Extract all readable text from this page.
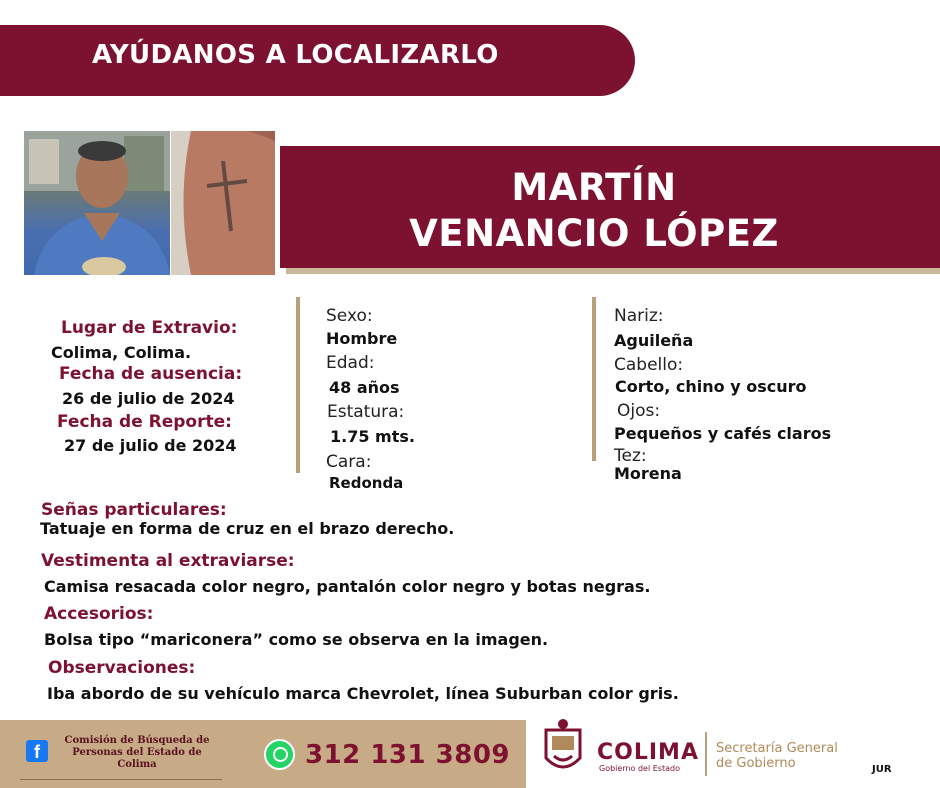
AYÚDANOS A LOCALIZARLO
MARTÍN
VENANCIO LÓPEZ
Lugar de Extravio:
Colima, Colima.
Fecha de ausencia:
26 de julio de 2024
Fecha de Reporte:
27 de julio de 2024
Sexo:
Hombre
Edad:
48 años
Estatura:
1.75 mts.
Cara:
Redonda
Nariz:
Aguileña
Cabello:
Corto, chino y oscuro
Ojos:
Pequeños y cafés claros
Tez:
Morena
Señas particulares:
Tatuaje en forma de cruz en el brazo derecho.
Vestimenta al extraviarse:
Camisa resacada color negro, pantalón color negro y botas negras.
Accesorios:
Bolsa tipo “mariconera” como se observa en la imagen.
Observaciones:
Iba abordo de su vehículo marca Chevrolet, línea Suburban color gris.
f
Comisión de Búsqueda de
Personas del Estado de
Colima	312 131 3809	COLIMA
Gobierno del Estado
Secretaría General
de Gobierno	JUR
